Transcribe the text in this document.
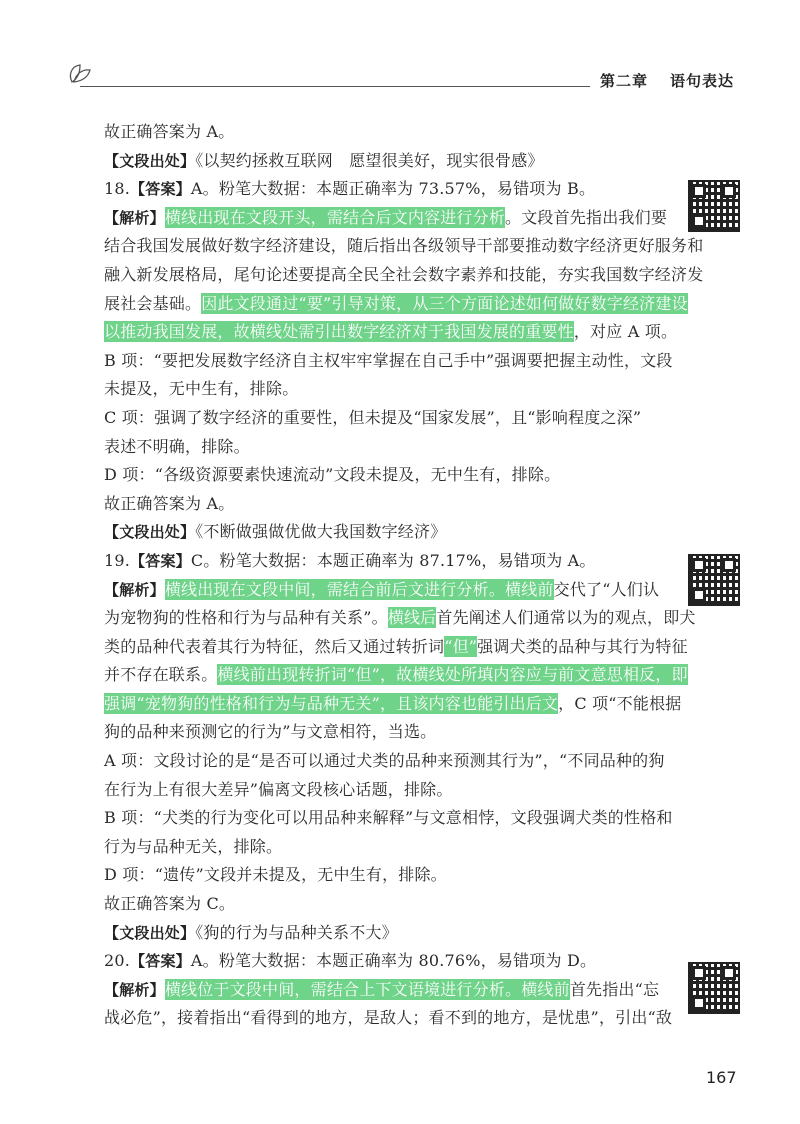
第二章 语句表达
故正确答案为 A。
【文段出处】《以契约拯救互联网　愿望很美好，现实很骨感》
18.【答案】A。粉笔大数据：本题正确率为 73.57%，易错项为 B。
【解析】横线出现在文段开头，需结合后文内容进行分析。文段首先指出我们要
结合我国发展做好数字经济建设，随后指出各级领导干部要推动数字经济更好服务和
融入新发展格局，尾句论述要提高全民全社会数字素养和技能，夯实我国数字经济发
展社会基础。因此文段通过“要”引导对策，从三个方面论述如何做好数字经济建设
以推动我国发展，故横线处需引出数字经济对于我国发展的重要性，对应 A 项。
B 项：“要把发展数字经济自主权牢牢掌握在自己手中”强调要把握主动性，文段
未提及，无中生有，排除。
C 项：强调了数字经济的重要性，但未提及“国家发展”，且“影响程度之深”
表述不明确，排除。
D 项：“各级资源要素快速流动”文段未提及，无中生有，排除。
故正确答案为 A。
【文段出处】《不断做强做优做大我国数字经济》
19.【答案】C。粉笔大数据：本题正确率为 87.17%，易错项为 A。
【解析】横线出现在文段中间，需结合前后文进行分析。横线前交代了“人们认
为宠物狗的性格和行为与品种有关系”。横线后首先阐述人们通常以为的观点，即犬
类的品种代表着其行为特征，然后又通过转折词“但”强调犬类的品种与其行为特征
并不存在联系。横线前出现转折词“但”，故横线处所填内容应与前文意思相反，即
强调“宠物狗的性格和行为与品种无关”，且该内容也能引出后文，C 项“不能根据
狗的品种来预测它的行为”与文意相符，当选。
A 项：文段讨论的是“是否可以通过犬类的品种来预测其行为”，“不同品种的狗
在行为上有很大差异”偏离文段核心话题，排除。
B 项：“犬类的行为变化可以用品种来解释”与文意相悖，文段强调犬类的性格和
行为与品种无关，排除。
D 项：“遗传”文段并未提及，无中生有，排除。
故正确答案为 C。
【文段出处】《狗的行为与品种关系不大》
20.【答案】A。粉笔大数据：本题正确率为 80.76%，易错项为 D。
【解析】横线位于文段中间，需结合上下文语境进行分析。横线前首先指出“忘
战必危”，接着指出“看得到的地方，是敌人；看不到的地方，是忧患”，引出“敌
167
